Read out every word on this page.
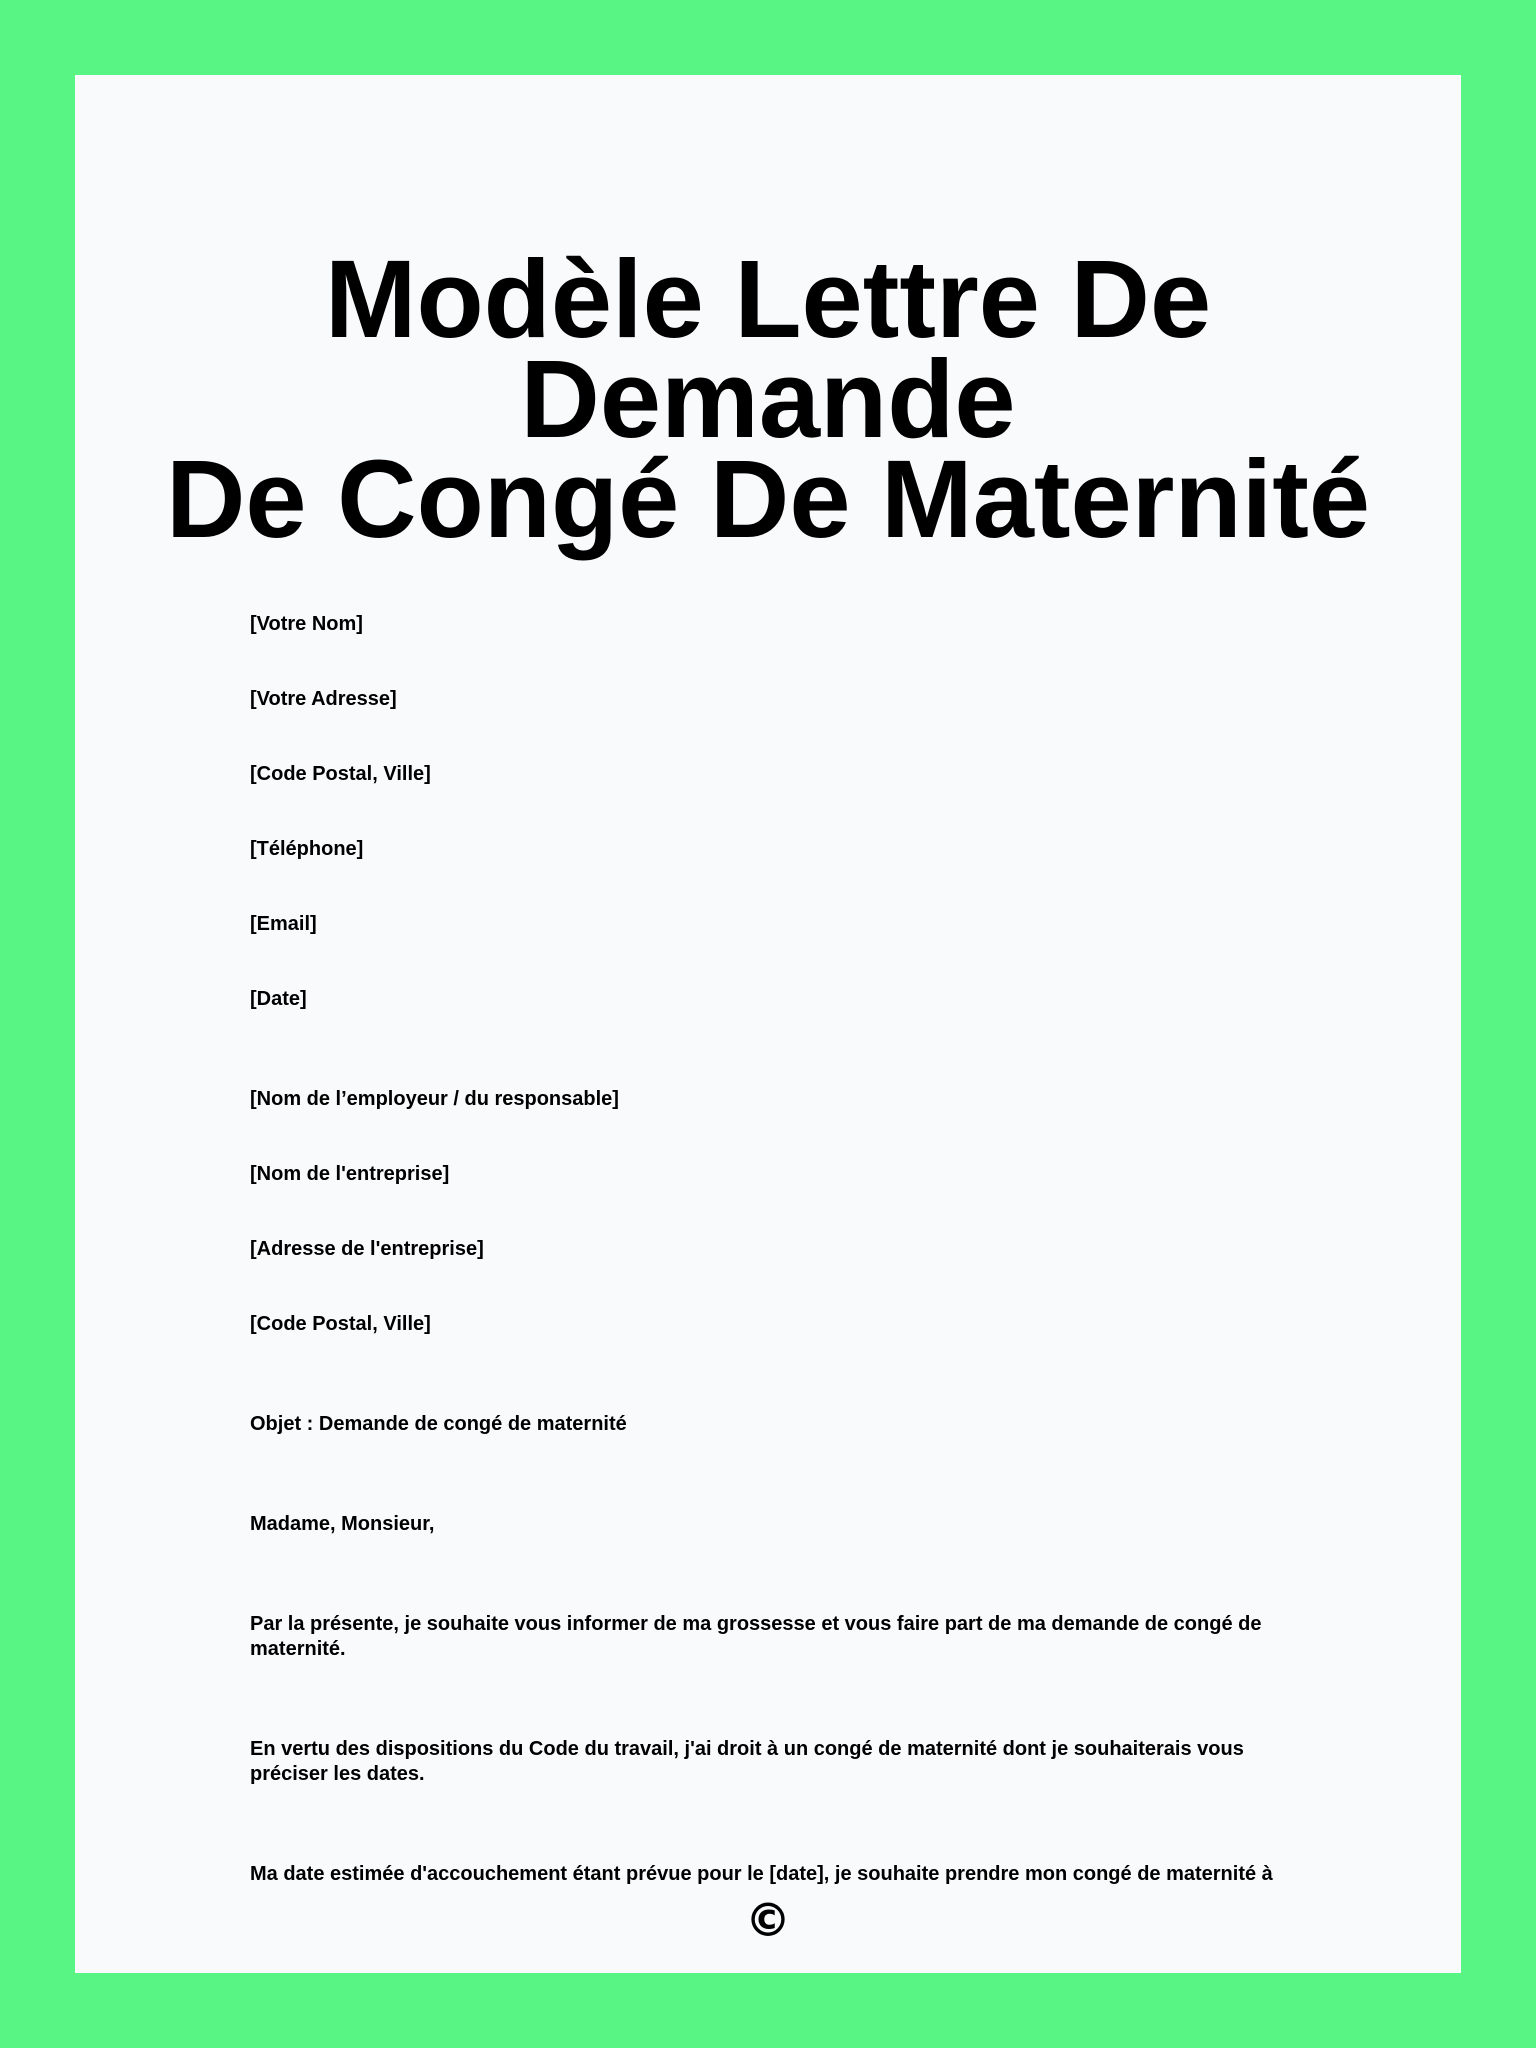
Modèle Lettre De Demande
De Congé De Maternité

[Votre Nom]

[Votre Adresse]

[Code Postal, Ville]

[Téléphone]

[Email]

[Date]

[Nom de l’employeur / du responsable]

[Nom de l'entreprise]

[Adresse de l'entreprise]

[Code Postal, Ville]

Objet : Demande de congé de maternité

Madame, Monsieur,

Par la présente, je souhaite vous informer de ma grossesse et vous faire part de ma demande de congé de maternité.

En vertu des dispositions du Code du travail, j'ai droit à un congé de maternité dont je souhaiterais vous préciser les dates.

Ma date estimée d'accouchement étant prévue pour le [date], je souhaite prendre mon congé de maternité à

©
